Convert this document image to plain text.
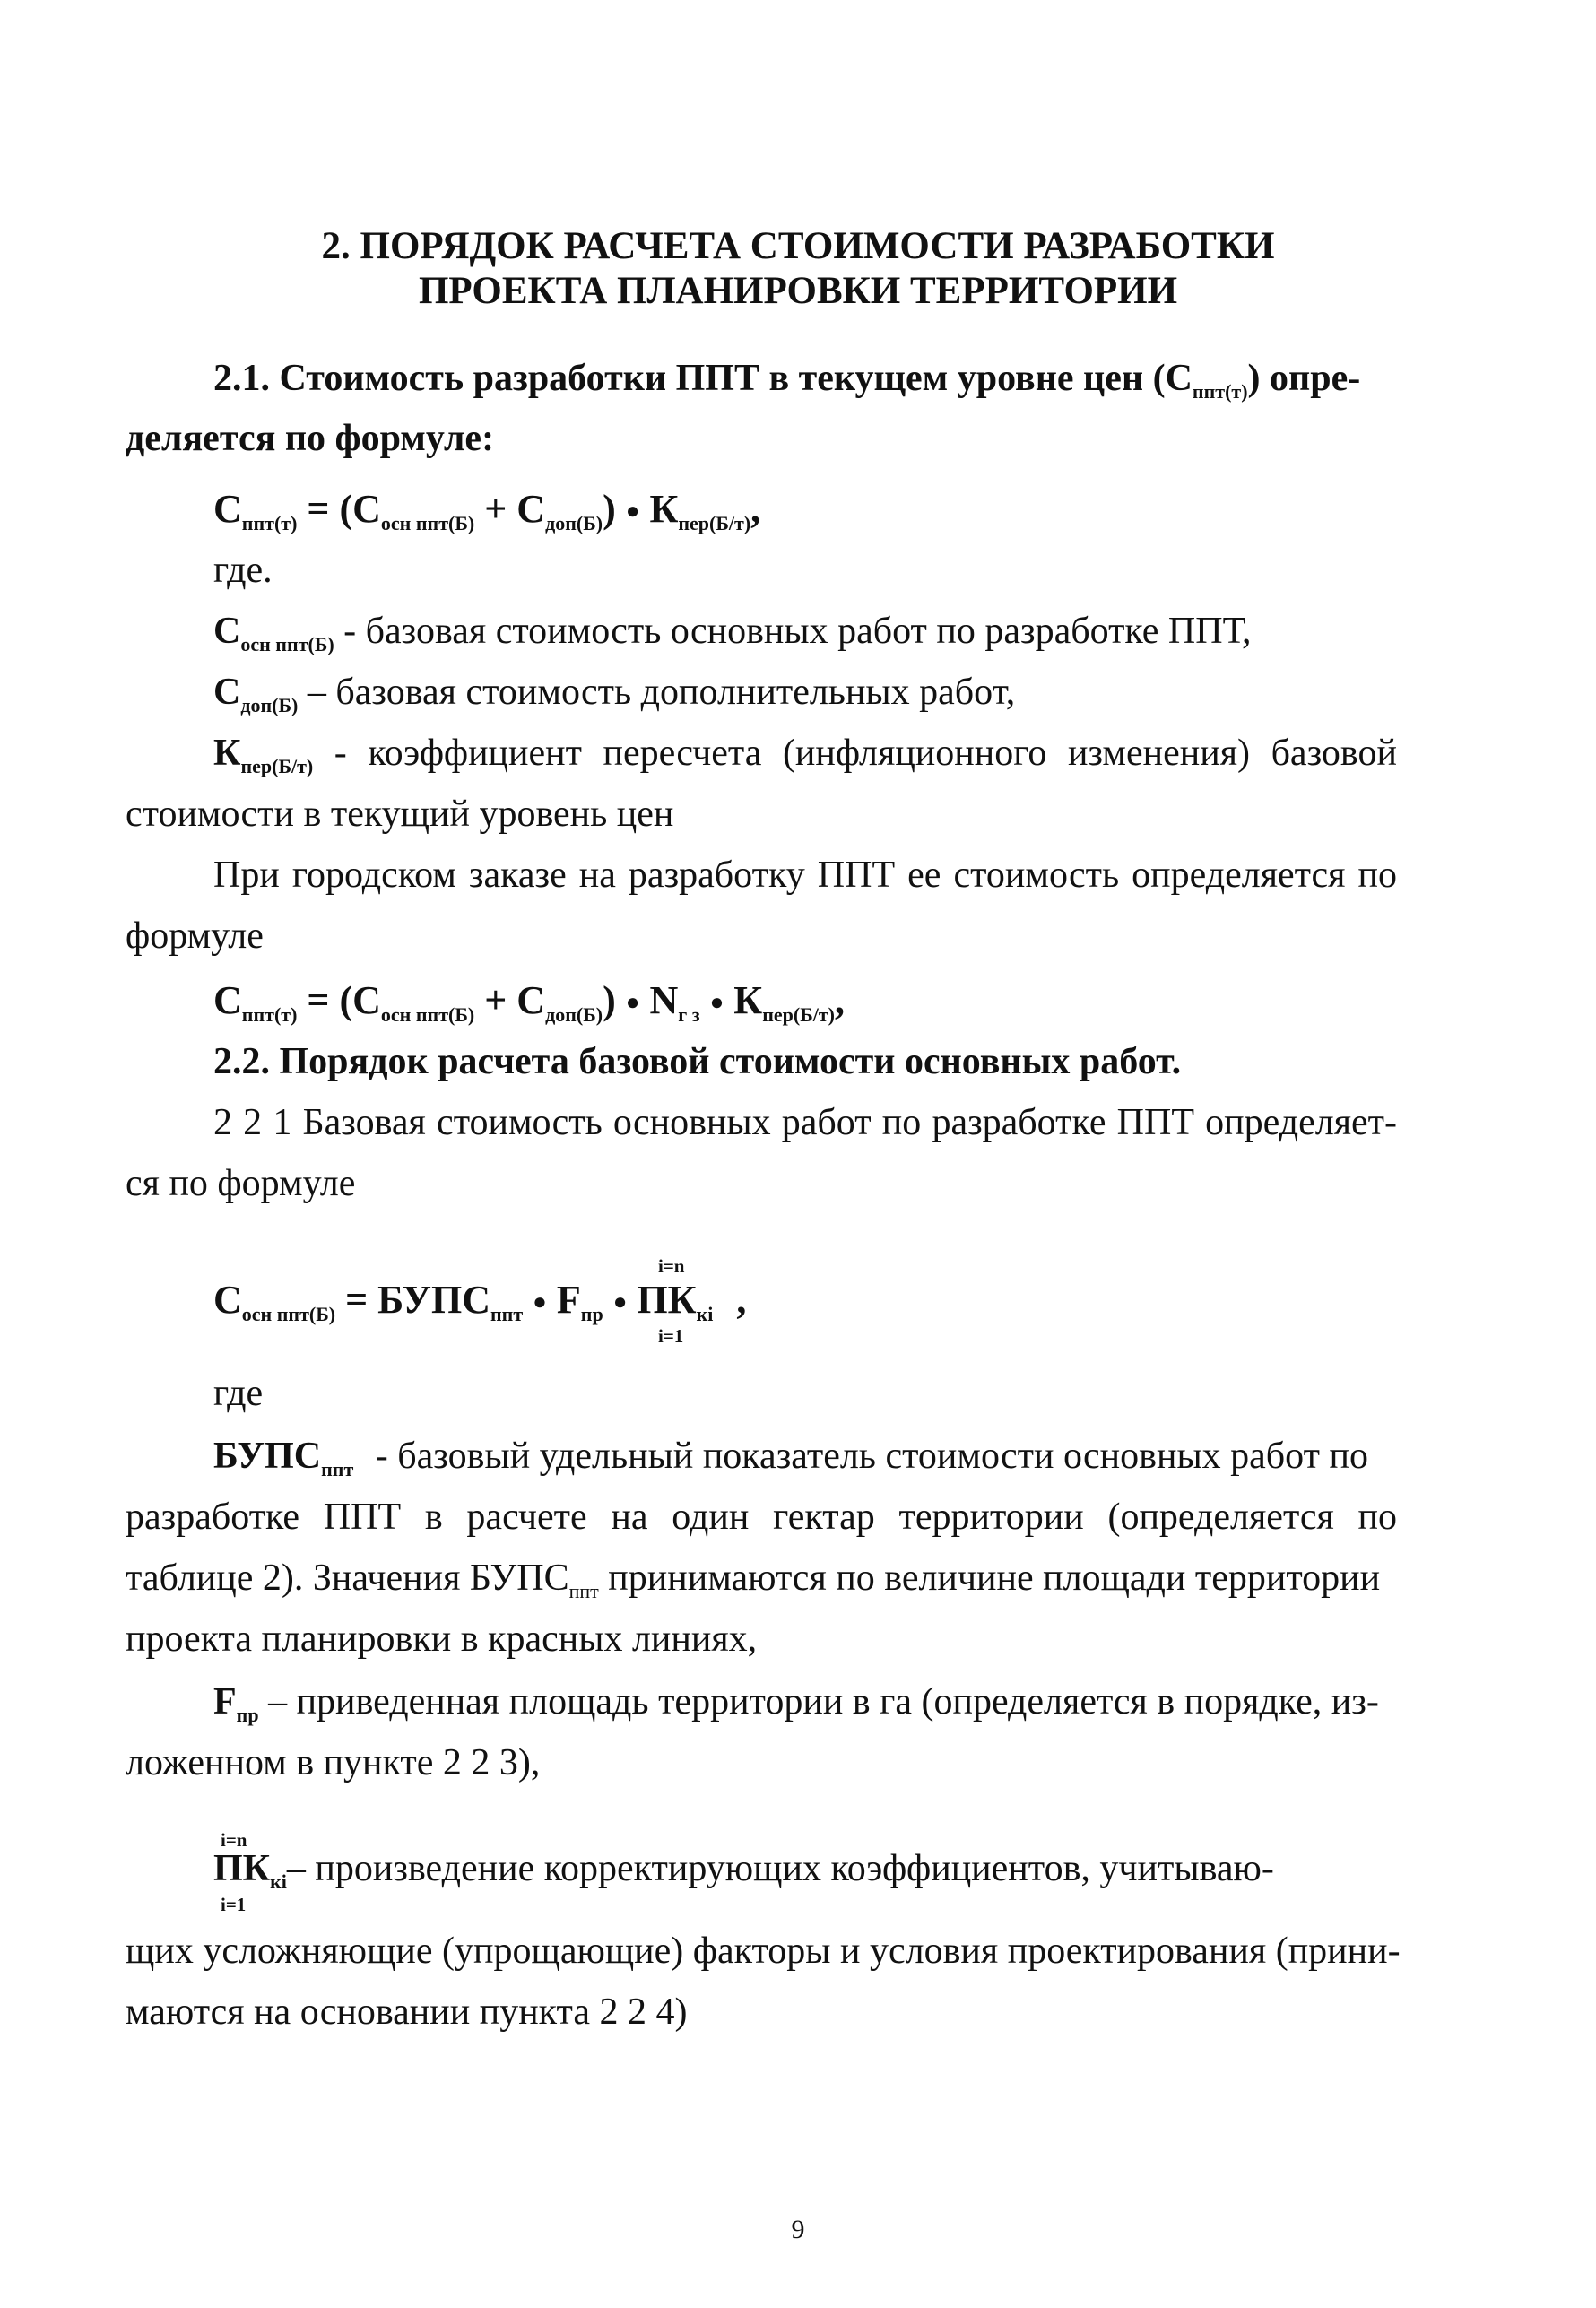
2. ПОРЯДОК РАСЧЕТА СТОИМОСТИ РАЗРАБОТКИ
ПРОЕКТА ПЛАНИРОВКИ ТЕРРИТОРИИ
2.1. Стоимость разработки ППТ в текущем уровне цен $(С_{ппт(т)})$ опре-
деляется по формуле:
$С_{ппт(т)} = (С_{осн ппт(Б)} + С_{доп(Б)})$ ● $К_{пер(Б/т)}$,
где.
$С_{осн ппт(Б)}$ - базовая стоимость основных работ по разработке ППТ,
$С_{доп(Б)}$ – базовая стоимость дополнительных работ,
$К_{пер(Б/т)}$ - коэффициент пересчета (инфляционного изменения) базовой
стоимости в текущий уровень цен
При городском заказе на разработку ППТ ее стоимость определяется по
формуле
$С_{ппт(т)} = (С_{осн ппт(Б)} + С_{доп(Б)})$ ● $N_{г з}$ ● $К_{пер(Б/т)}$,
2.2. Порядок расчета базовой стоимости основных работ.
2 2 1 Базовая стоимость основных работ по разработке ППТ определяет-
ся по формуле
i=n
$С_{осн ппт(Б)}$ = $БУПС_{ппт}$ ● $F_{пр}$ ● $ПК_{кi}$ ,
i=1
где
$БУПС_{ппт}$ - базовый удельный показатель стоимости основных работ по
разработке ППТ в расчете на один гектар территории (определяется по
таблице 2). Значения $БУПС_{ппт}$ принимаются по величине площади территории
проекта планировки в красных линиях,
$F_{пр}$ – приведенная площадь территории в га (определяется в порядке, из-
ложенном в пункте 2 2 3),
i=n
$ПК_{кi}-$ произведение корректирующих коэффициентов, учитываю-
i=1
щих усложняющие (упрощающие) факторы и условия проектирования (прини-
маются на основании пункта 2 2 4)
9
